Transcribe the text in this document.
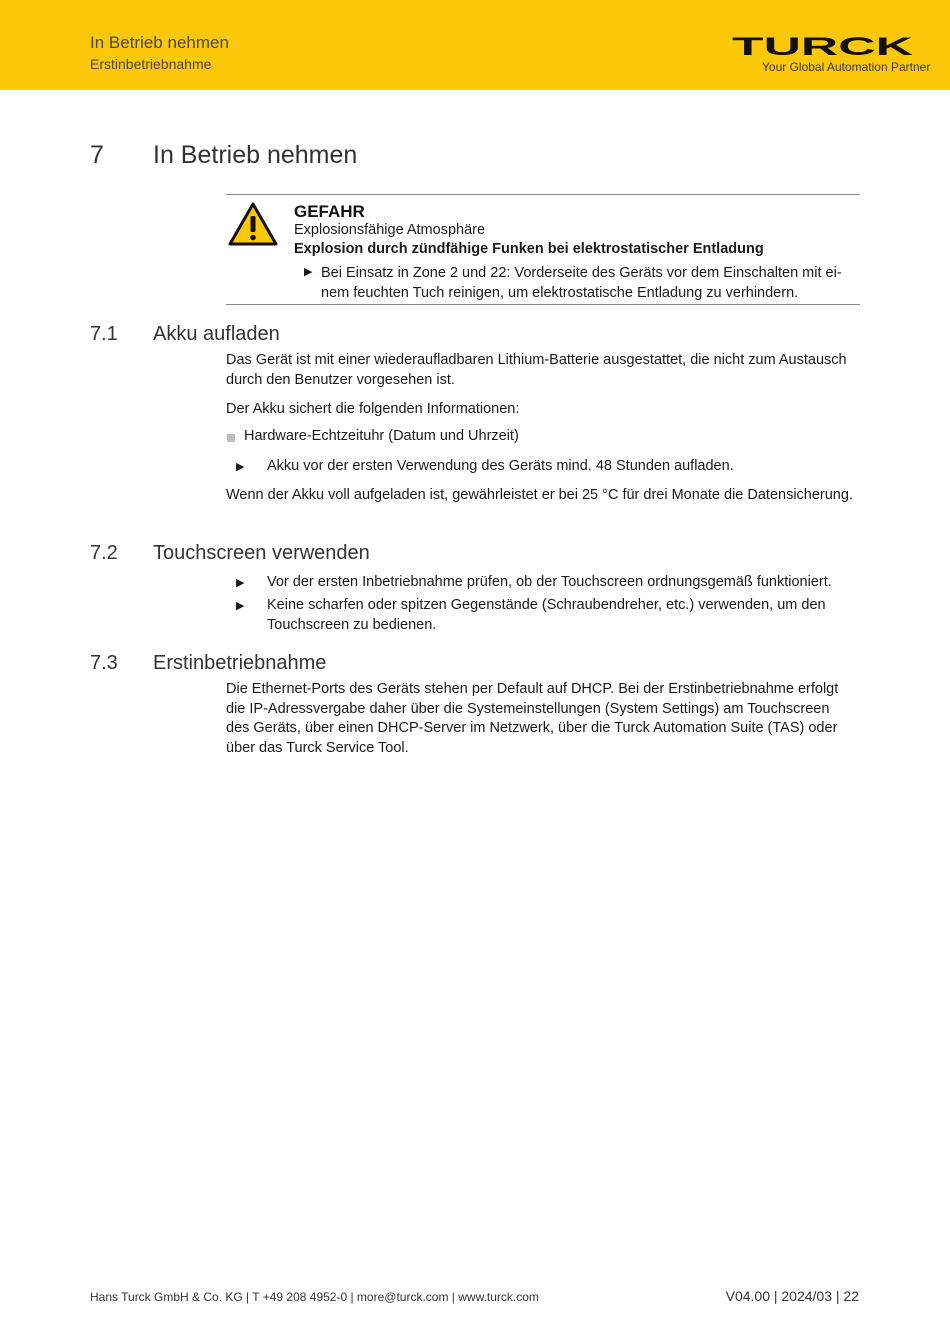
In Betrieb nehmen
Erstinbetriebnahme
TURCK
Your Global Automation Partner
7 In Betrieb nehmen
GEFAHR
Explosionsfähige Atmosphäre
Explosion durch zündfähige Funken bei elektrostatischer Entladung
▶ Bei Einsatz in Zone 2 und 22: Vorderseite des Geräts vor dem Einschalten mit einem feuchten Tuch reinigen, um elektrostatische Entladung zu verhindern.
7.1 Akku aufladen
Das Gerät ist mit einer wiederaufladbaren Lithium-Batterie ausgestattet, die nicht zum Austausch durch den Benutzer vorgesehen ist.
Der Akku sichert die folgenden Informationen:
Hardware-Echtzeituhr (Datum und Uhrzeit)
▶ Akku vor der ersten Verwendung des Geräts mind. 48 Stunden aufladen.
Wenn der Akku voll aufgeladen ist, gewährleistet er bei 25 °C für drei Monate die Datensicherung.
7.2 Touchscreen verwenden
▶ Vor der ersten Inbetriebnahme prüfen, ob der Touchscreen ordnungsgemäß funktioniert.
▶ Keine scharfen oder spitzen Gegenstände (Schraubendreher, etc.) verwenden, um den Touchscreen zu bedienen.
7.3 Erstinbetriebnahme
Die Ethernet-Ports des Geräts stehen per Default auf DHCP. Bei der Erstinbetriebnahme erfolgt die IP-Adressvergabe daher über die Systemeinstellungen (System Settings) am Touchscreen des Geräts, über einen DHCP-Server im Netzwerk, über die Turck Automation Suite (TAS) oder über das Turck Service Tool.
Hans Turck GmbH & Co. KG | T +49 208 4952-0 | more@turck.com | www.turck.com	V04.00 | 2024/03 | 22
